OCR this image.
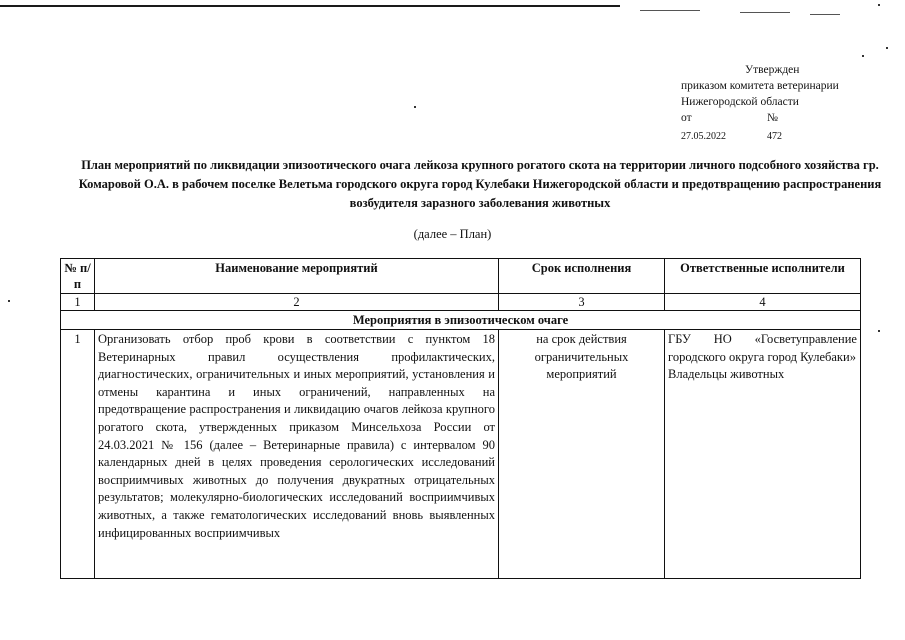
Утвержден
приказом комитета ветеринарии
Нижегородской области
от	№
27.05.2022	472
План мероприятий по ликвидации эпизоотического очага лейкоза крупного рогатого скота на территории личного подсобного хозяйства гр. Комаровой О.А. в рабочем поселке Велетьма городского округа город Кулебаки Нижегородской области и предотвращению распространения возбудителя заразного заболевания животных
(далее – План)
№ п/п	Наименование мероприятий	Срок исполнения	Ответственные исполнители
1	2	3	4
Мероприятия в эпизоотическом очаге			
1	Организовать отбор проб крови в соответствии с пунктом 18 Ветеринарных правил осуществления профилактических, диагностических, ограничительных и иных мероприятий, установления и отмены карантина и иных ограничений, направленных на предотвращение распространения и ликвидацию очагов лейкоза крупного рогатого скота, утвержденных приказом Минсельхоза России от 24.03.2021 № 156 (далее – Ветеринарные правила) с интервалом 90 календарных дней в целях проведения серологических исследований восприимчивых животных до получения двукратных отрицательных результатов; молекулярно-биологических исследований восприимчивых животных, а также гематологических исследований вновь выявленных инфицированных восприимчивых	на срок действия ограничительных мероприятий	ГБУ НО «Госветуправление городского округа город Кулебаки»
Владельцы животных
